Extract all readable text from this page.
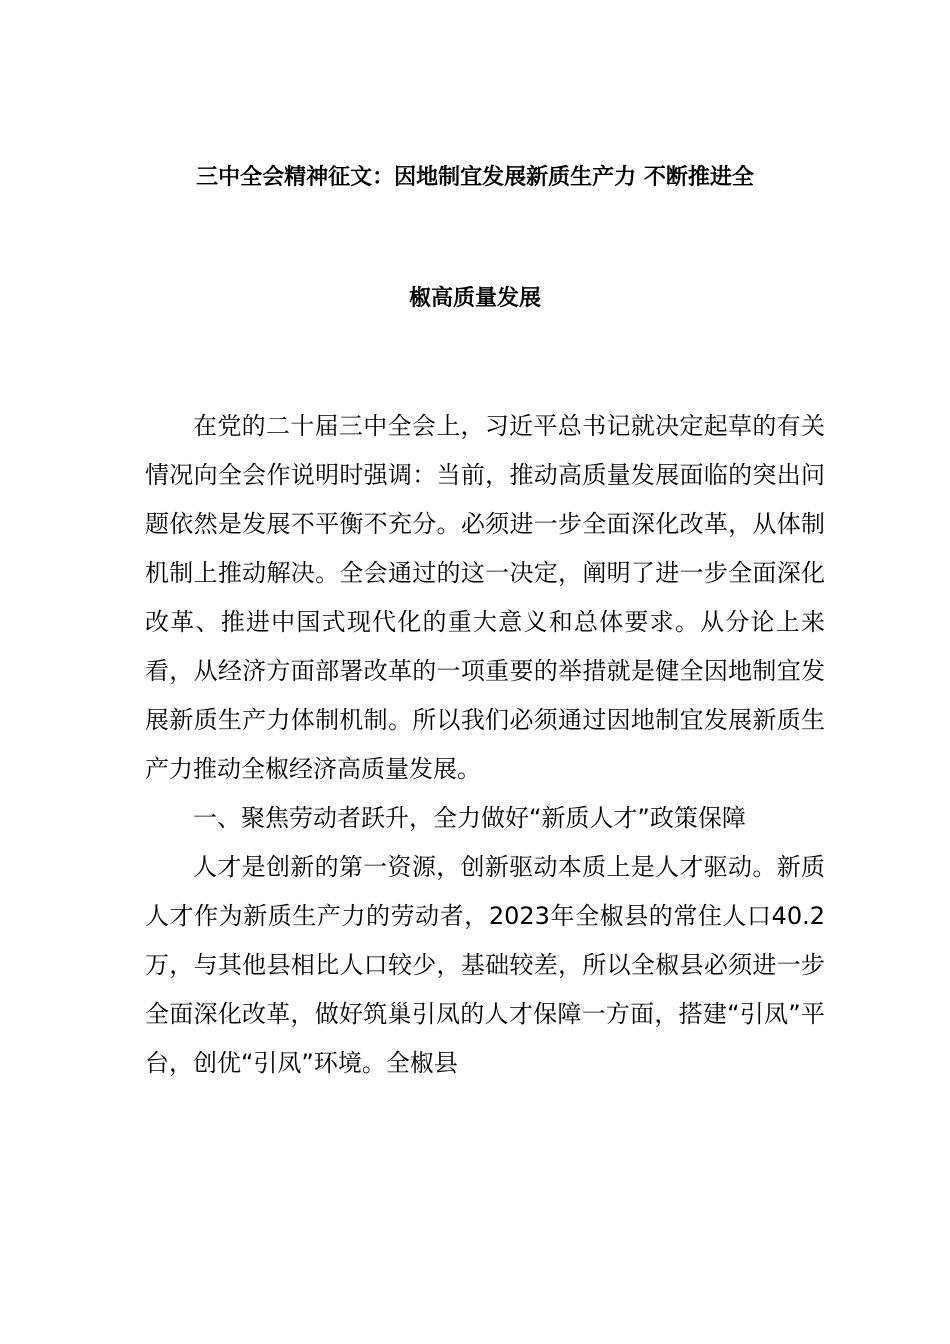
三中全会精神征文：因地制宜发展新质生产力 不断推进全
椒高质量发展

在党的二十届三中全会上，习近平总书记就决定起草的有关情况向全会作说明时强调：当前，推动高质量发展面临的突出问题依然是发展不平衡不充分。必须进一步全面深化改革，从体制机制上推动解决。全会通过的这一决定，阐明了进一步全面深化改革、推进中国式现代化的重大意义和总体要求。从分论上来看，从经济方面部署改革的一项重要的举措就是健全因地制宜发展新质生产力体制机制。所以我们必须通过因地制宜发展新质生产力推动全椒经济高质量发展。

一、聚焦劳动者跃升，全力做好“新质人才”政策保障

人才是创新的第一资源，创新驱动本质上是人才驱动。新质人才作为新质生产力的劳动者，2023年全椒县的常住人口40.2万，与其他县相比人口较少，基础较差，所以全椒县必须进一步全面深化改革，做好筑巢引凤的人才保障一方面，搭建“引凤”平台，创优“引凤”环境。全椒县
